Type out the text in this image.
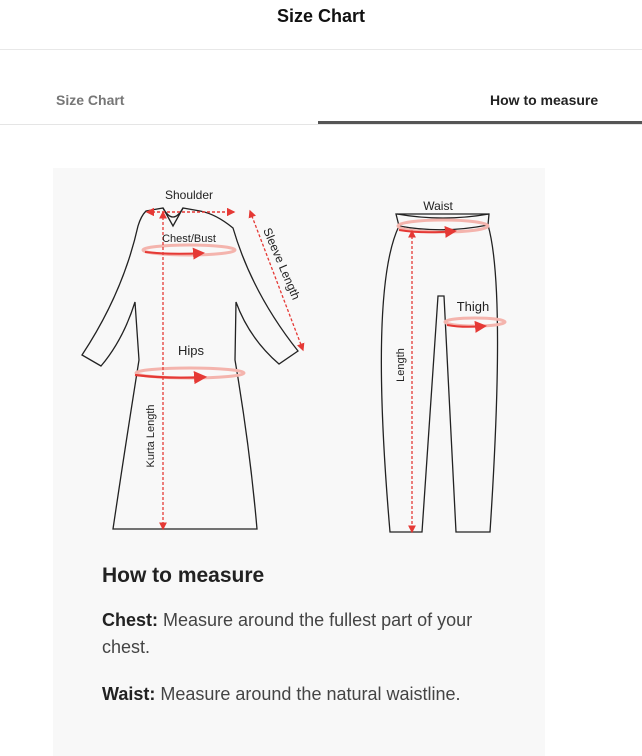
Size Chart
Size Chart	How to measure
Shoulder
Chest/Bust	Sleeve Length
Hips
Kurta Length
Waist
Thigh
Length
How to measure
Chest: Measure around the fullest part of your chest.
Waist: Measure around the natural waistline.
